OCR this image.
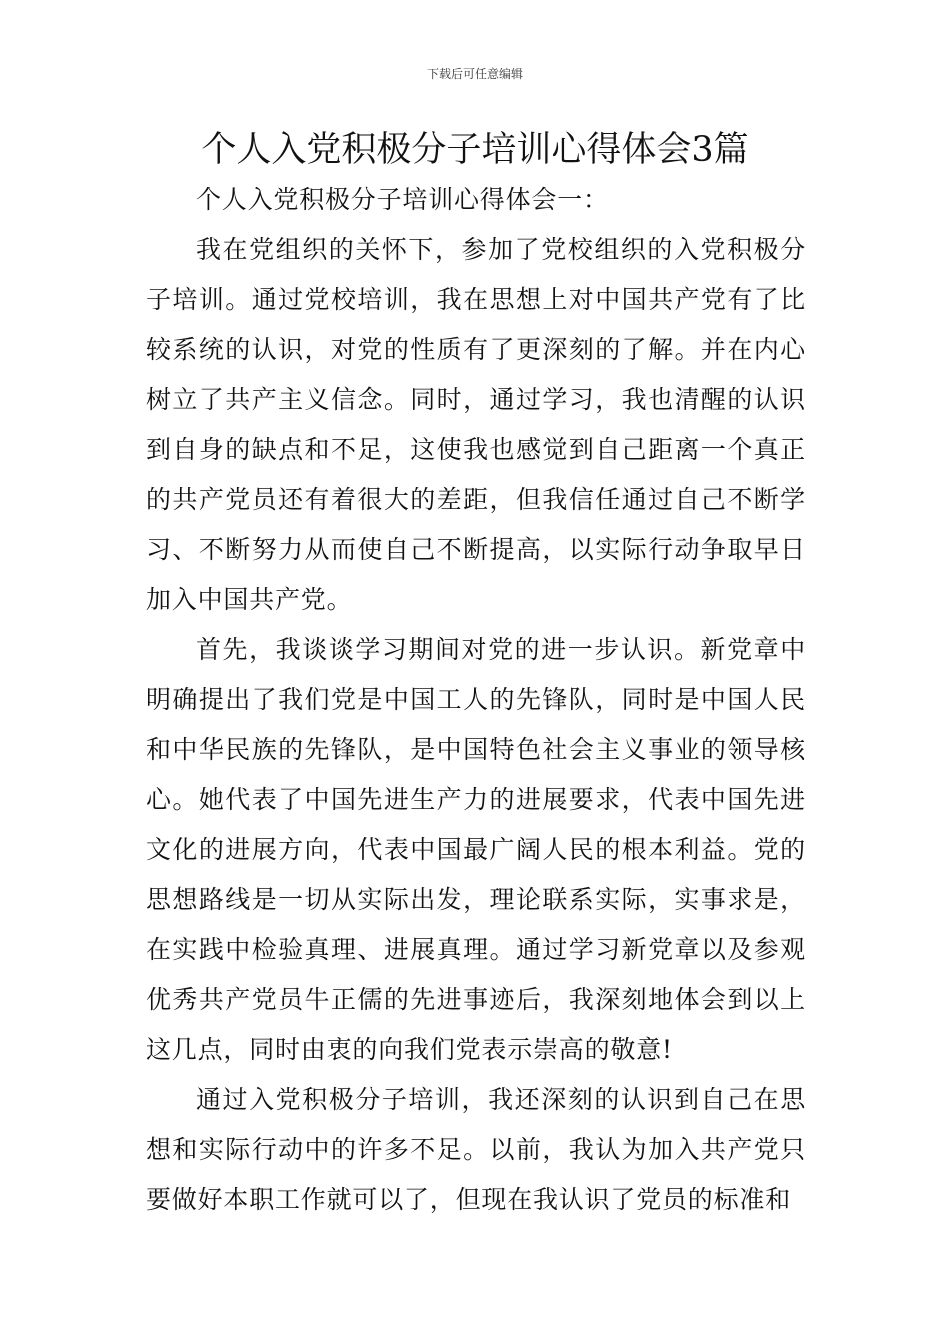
下载后可任意编辑
个人入党积极分子培训心得体会3篇

个人入党积极分子培训心得体会一：

我在党组织的关怀下，参加了党校组织的入党积极分子培训。通过党校培训，我在思想上对中国共产党有了比较系统的认识，对党的性质有了更深刻的了解。并在内心树立了共产主义信念。同时，通过学习，我也清醒的认识到自身的缺点和不足，这使我也感觉到自己距离一个真正的共产党员还有着很大的差距，但我信任通过自己不断学习、不断努力从而使自己不断提高，以实际行动争取早日加入中国共产党。

首先，我谈谈学习期间对党的进一步认识。新党章中明确提出了我们党是中国工人的先锋队，同时是中国人民和中华民族的先锋队，是中国特色社会主义事业的领导核心。她代表了中国先进生产力的进展要求，代表中国先进文化的进展方向，代表中国最广阔人民的根本利益。党的思想路线是一切从实际出发，理论联系实际，实事求是，在实践中检验真理、进展真理。通过学习新党章以及参观优秀共产党员牛正儒的先进事迹后，我深刻地体会到以上这几点，同时由衷的向我们党表示崇高的敬意!

通过入党积极分子培训，我还深刻的认识到自己在思想和实际行动中的许多不足。以前，我认为加入共产党只要做好本职工作就可以了，但现在我认识了党员的标准和
